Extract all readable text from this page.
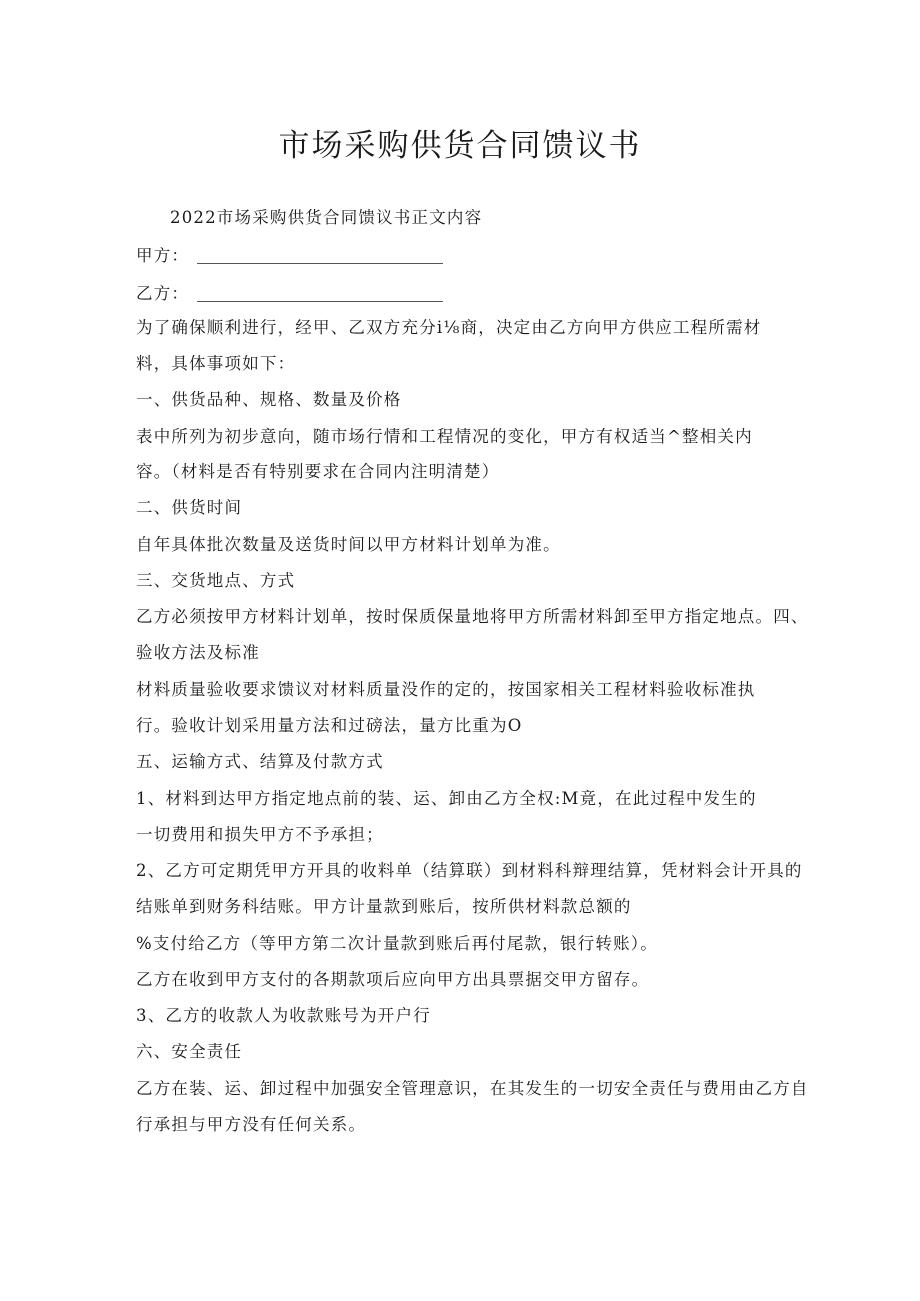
市场采购供货合同馈议书
2022市场采购供货合同馈议书正文内容
甲方：
乙方：
为了确保顺利进行，经甲、乙双方充分i⅛商，决定由乙方向甲方供应工程所需材
料，具体事项如下：
一、供货品种、规格、数量及价格
表中所列为初步意向，随市场行情和工程情况的变化，甲方有权适当^整相关内
容。（材料是否有特别要求在合同内注明清楚）
二、供货时间
自年具体批次数量及送货时间以甲方材料计划单为准。
三、交货地点、方式
乙方必须按甲方材料计划单，按时保质保量地将甲方所需材料卸至甲方指定地点。四、
验收方法及标准
材料质量验收要求馈议对材料质量没作的定的，按国家相关工程材料验收标准执
行。验收计划采用量方法和过磅法，量方比重为O
五、运输方式、结算及付款方式
1、材料到达甲方指定地点前的装、运、卸由乙方全权:M竟，在此过程中发生的
一切费用和损失甲方不予承担；
2、乙方可定期凭甲方开具的收料单（结算联）到材料科辩理结算，凭材料会计开具的
结账单到财务科结账。甲方计量款到账后，按所供材料款总额的
%支付给乙方（等甲方第二次计量款到账后再付尾款，银行转账）。
乙方在收到甲方支付的各期款项后应向甲方出具票据交甲方留存。
3、乙方的收款人为收款账号为开户行
六、安全责任
乙方在装、运、卸过程中加强安全管理意识，在其发生的一切安全责任与费用由乙方自
行承担与甲方没有任何关系。
